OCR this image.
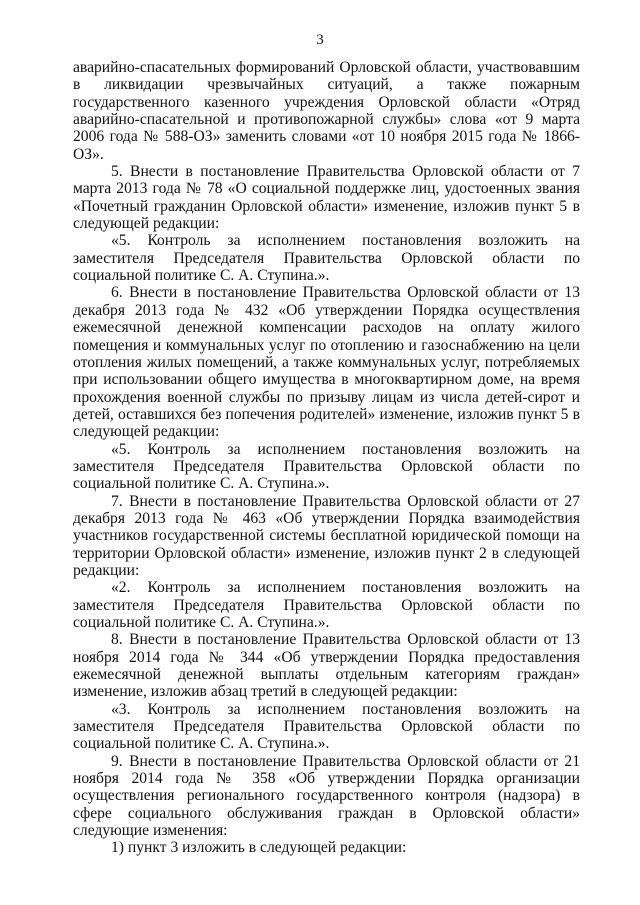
3

аварийно-спасательных формирований Орловской области, участвовавшим в ликвидации чрезвычайных ситуаций, а также пожарным государственного казенного учреждения Орловской области «Отряд аварийно-спасательной и противопожарной службы» слова «от 9 марта 2006 года № 588-ОЗ» заменить словами «от 10 ноября 2015 года № 1866-ОЗ».

5. Внести в постановление Правительства Орловской области от 7 марта 2013 года № 78 «О социальной поддержке лиц, удостоенных звания «Почетный гражданин Орловской области» изменение, изложив пункт 5 в следующей редакции:

«5. Контроль за исполнением постановления возложить на заместителя Председателя Правительства Орловской области по социальной политике С. А. Ступина.».

6. Внести в постановление Правительства Орловской области от 13 декабря 2013 года № 432 «Об утверждении Порядка осуществления ежемесячной денежной компенсации расходов на оплату жилого помещения и коммунальных услуг по отоплению и газоснабжению на цели отопления жилых помещений, а также коммунальных услуг, потребляемых при использовании общего имущества в многоквартирном доме, на время прохождения военной службы по призыву лицам из числа детей-сирот и детей, оставшихся без попечения родителей» изменение, изложив пункт 5 в следующей редакции:

«5. Контроль за исполнением постановления возложить на заместителя Председателя Правительства Орловской области по социальной политике С. А. Ступина.».

7. Внести в постановление Правительства Орловской области от 27 декабря 2013 года № 463 «Об утверждении Порядка взаимодействия участников государственной системы бесплатной юридической помощи на территории Орловской области» изменение, изложив пункт 2 в следующей редакции:

«2. Контроль за исполнением постановления возложить на заместителя Председателя Правительства Орловской области по социальной политике С. А. Ступина.».

8. Внести в постановление Правительства Орловской области от 13 ноября 2014 года № 344 «Об утверждении Порядка предоставления ежемесячной денежной выплаты отдельным категориям граждан» изменение, изложив абзац третий в следующей редакции:

«3. Контроль за исполнением постановления возложить на заместителя Председателя Правительства Орловской области по социальной политике С. А. Ступина.».

9. Внести в постановление Правительства Орловской области от 21 ноября 2014 года № 358 «Об утверждении Порядка организации осуществления регионального государственного контроля (надзора) в сфере социального обслуживания граждан в Орловской области» следующие изменения:

1) пункт 3 изложить в следующей редакции:
